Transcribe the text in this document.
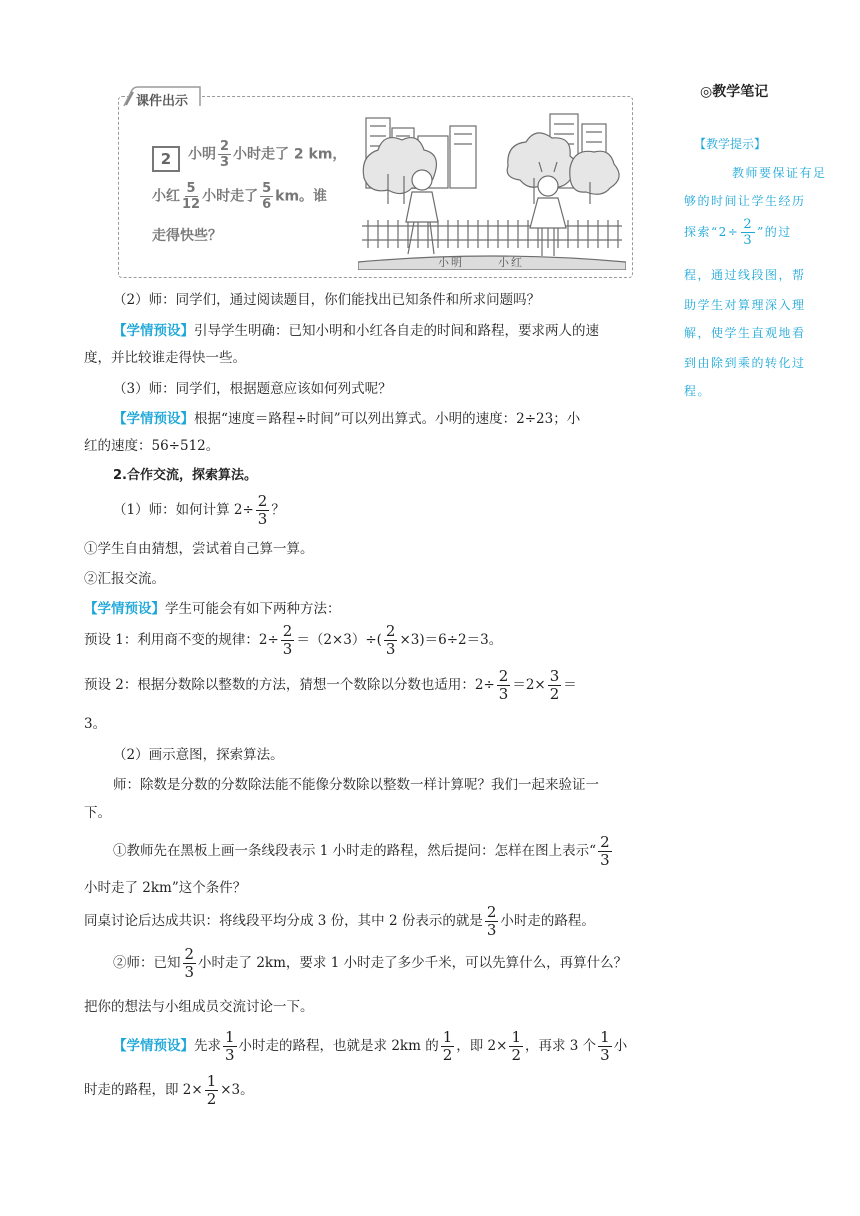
课件出示
2	小明 $\frac{2}{3}$ 小时走了 2 km，
小红 $\frac{5}{12}$ 小时走了 $\frac{5}{6}$ km。谁
走得快些？
小明	小红
（2）师：同学们，通过阅读题目，你们能找出已知条件和所求问题吗？
【学情预设】引导学生明确：已知小明和小红各自走的时间和路程，要求两人的速
度，并比较谁走得快一些。
（3）师：同学们，根据题意应该如何列式呢？
【学情预设】根据“速度＝路程÷时间”可以列出算式。小明的速度：2÷23；小
红的速度：56÷512。
2.合作交流，探索算法。
（1）师：如何计算 $2\div \frac{2}{3}$ ？
①学生自由猜想，尝试着自己算一算。
②汇报交流。
【学情预设】学生可能会有如下两种方法：
预设 1：利用商不变的规律：$2\div \frac{2}{3} =(2\times 3)\div( \frac{2}{3} \times 3)=6\div 2=3$。
预设 2：根据分数除以整数的方法，猜想一个数除以分数也适用：$2\div \frac{2}{3} =2\times \frac{3}{2}$ ＝
3。
（2）画示意图，探索算法。
师：除数是分数的分数除法能不能像分数除以整数一样计算呢？我们一起来验证一
下。
①教师先在黑板上画一条线段表示 1 小时走的路程，然后提问：怎样在图上表示“ $\frac{2}{3}$
小时走了 2km”这个条件？
同桌讨论后达成共识：将线段平均分成 3 份，其中 2 份表示的就是 $\frac{2}{3}$ 小时走的路程。
②师：已知 $\frac{2}{3}$ 小时走了 2km，要求 1 小时走了多少千米，可以先算什么，再算什么？
把你的想法与小组成员交流讨论一下。
【学情预设】先求 $\frac{1}{3}$ 小时走的路程，也就是求 2km 的 $\frac{1}{2}$ ，即 $2\times \frac{1}{2}$ ，再求 3 个 $\frac{1}{3}$ 小
时走的路程，即 $2\times \frac{1}{2} \times 3$。
◎教学笔记
【教学提示】
教师要保证有足
够的时间让学生经历
探索“$2\div \frac{2}{3}$ ”的过
程，通过线段图，帮
助学生对算理深入理
解，使学生直观地看
到由除到乘的转化过
程。
